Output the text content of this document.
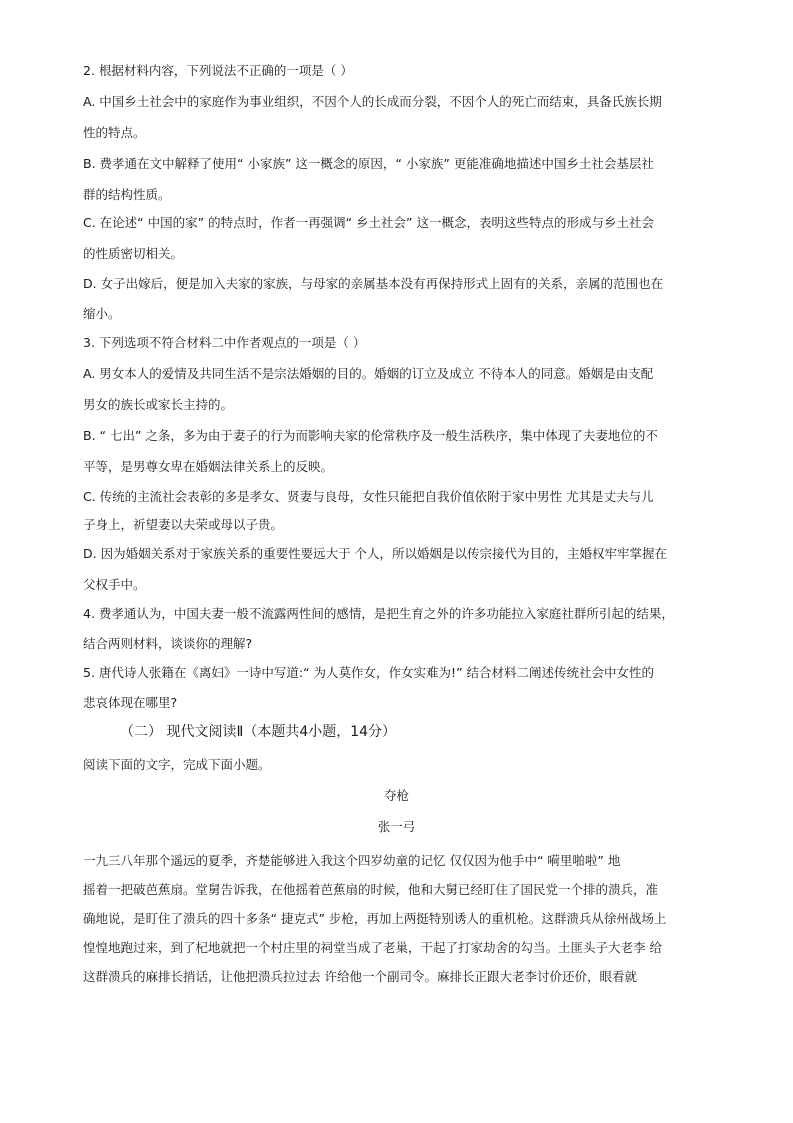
2. 根据材料内容，下列说法不正确的一项是（ ）
A. 中国乡土社会中的家庭作为事业组织，不因个人的长成而分裂，不因个人的死亡而结束，具备氏族长期
性的特点。
B. 费孝通在文中解释了使用“ 小家族” 这一概念的原因，“ 小家族” 更能准确地描述中国乡土社会基层社
群的结构性质。
C. 在论述“ 中国的家” 的特点时，作者一再强调“ 乡土社会” 这一概念，表明这些特点的形成与乡土社会
的性质密切相关。
D. 女子出嫁后，便是加入夫家的家族，与母家的亲属基本没有再保持形式上固有的关系，亲属的范围也在
缩小。
3. 下列选项不符合材料二中作者观点的一项是（ ）
A. 男女本人的爱情及共同生活不是宗法婚姻的目的。婚姻的订立及成立 不待本人的同意。婚姻是由支配
男女的族长或家长主持的。
B. “ 七出” 之条，多为由于妻子的行为而影响夫家的伦常秩序及一般生活秩序，集中体现了夫妻地位的不
平等，是男尊女卑在婚姻法律关系上的反映。
C. 传统的主流社会表彰的多是孝女、贤妻与良母，女性只能把自我价值依附于家中男性 尤其是丈夫与儿
子身上，祈望妻以夫荣或母以子贵。
D. 因为婚姻关系对于家族关系的重要性要远大于 个人，所以婚姻是以传宗接代为目的，主婚权牢牢掌握在
父权手中。
4. 费孝通认为，中国夫妻一般不流露两性间的感情，是把生育之外的许多功能拉入家庭社群所引起的结果，
结合两则材料，谈谈你的理解?
5. 唐代诗人张籍在《离妇》一诗中写道:“ 为人莫作女，作女实难为!” 结合材料二阐述传统社会中女性的
悲哀体现在哪里?
（二） 现代文阅读Ⅱ（本题共4小题，14分）
阅读下面的文字，完成下面小题。
夺枪
张一弓
一九三八年那个遥远的夏季，齐楚能够进入我这个四岁幼童的记忆 仅仅因为他手中“ 嗬里啪啦” 地
摇着一把破芭蕉扇。堂舅告诉我，在他摇着芭蕉扇的时候，他和大舅已经盯住了国民党一个排的溃兵，准
确地说，是盯住了溃兵的四十多条“ 捷克式” 步枪，再加上两挺特别诱人的重机枪。这群溃兵从徐州战场上
惶惶地跑过来，到了杞地就把一个村庄里的祠堂当成了老巢，干起了打家劫舍的勾当。土匪头子大老李 给
这群溃兵的麻排长捎话，让他把溃兵拉过去 许给他一个副司令。麻排长正跟大老李讨价还价，眼看就
